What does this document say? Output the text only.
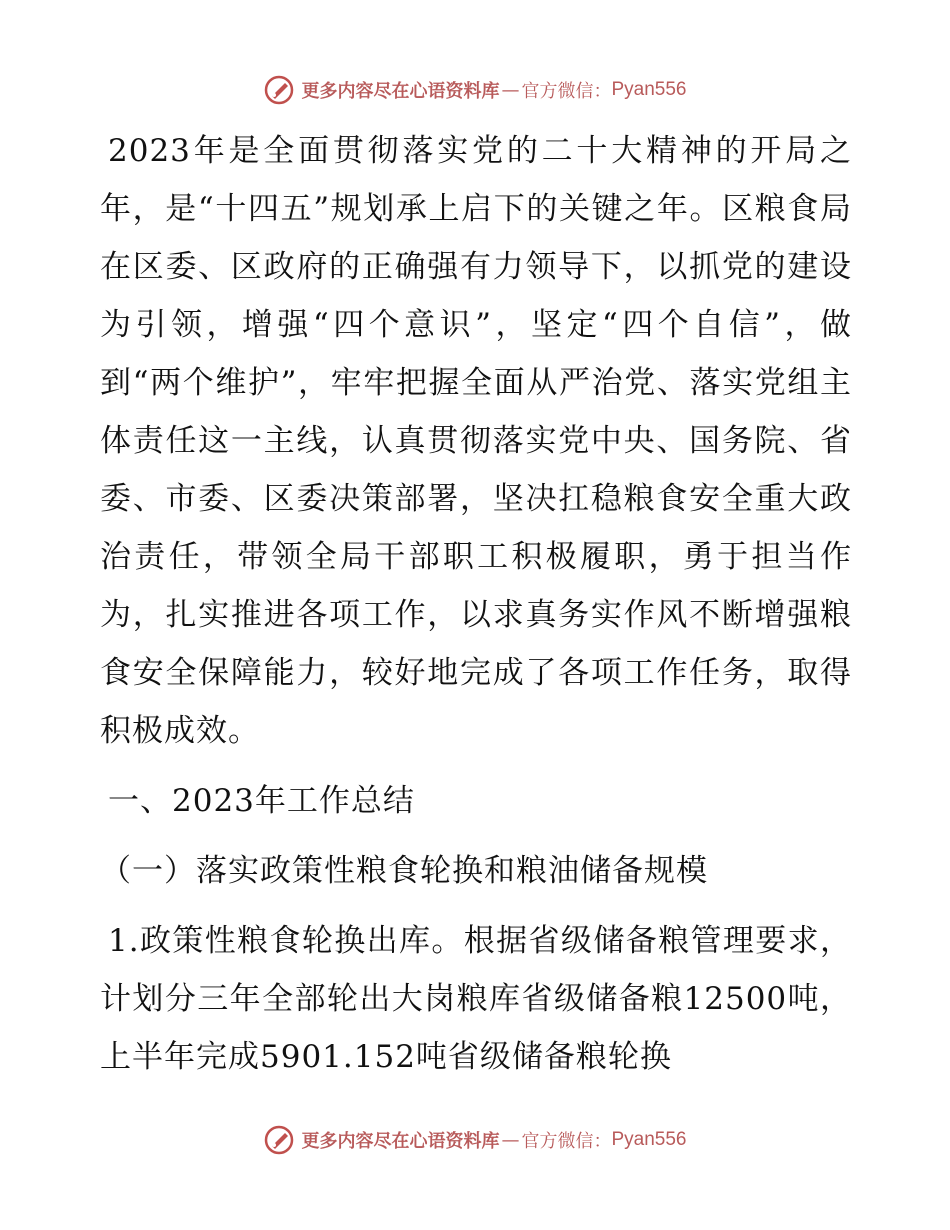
更多内容尽在心语资料库 — 官方微信： Pyan556

2023年是全面贯彻落实党的二十大精神的开局之年，是“十四五”规划承上启下的关键之年。区粮食局在区委、区政府的正确强有力领导下，以抓党的建设为引领，增强“四个意识”，坚定“四个自信”，做到“两个维护”，牢牢把握全面从严治党、落实党组主体责任这一主线，认真贯彻落实党中央、国务院、省委、市委、区委决策部署，坚决扛稳粮食安全重大政治责任，带领全局干部职工积极履职，勇于担当作为，扎实推进各项工作，以求真务实作风不断增强粮食安全保障能力，较好地完成了各项工作任务，取得积极成效。

一、2023年工作总结

（一）落实政策性粮食轮换和粮油储备规模

1.政策性粮食轮换出库。根据省级储备粮管理要求，计划分三年全部轮出大岗粮库省级储备粮12500吨，上半年完成5901.152吨省级储备粮轮换

更多内容尽在心语资料库 — 官方微信： Pyan556
